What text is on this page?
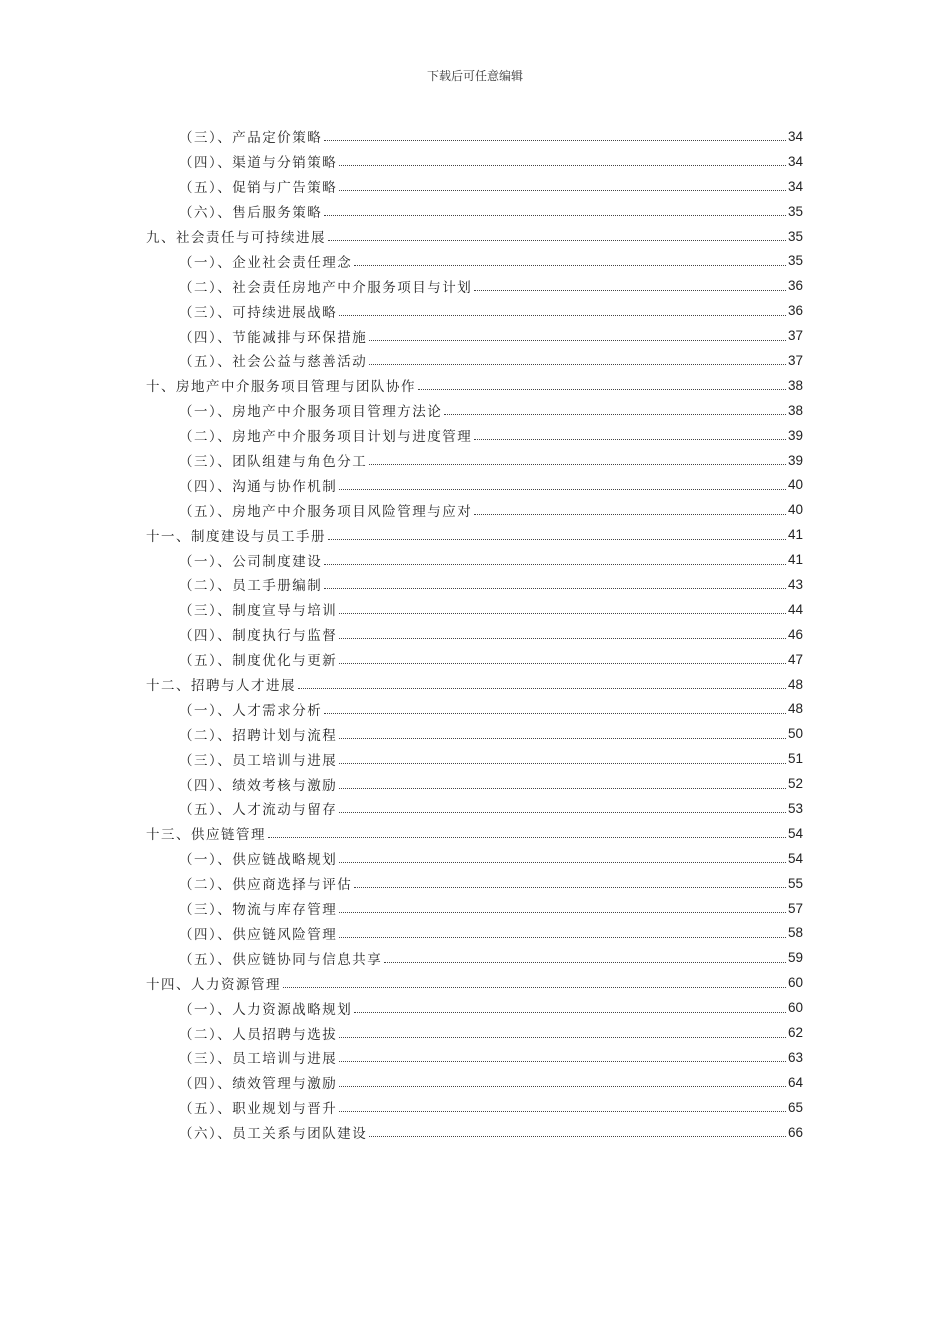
下载后可任意编辑
（三）、产品定价策略	34
（四）、渠道与分销策略	34
（五）、促销与广告策略	34
（六）、售后服务策略	35
九、社会责任与可持续进展	35
（一）、企业社会责任理念	35
（二）、社会责任房地产中介服务项目与计划	36
（三）、可持续进展战略	36
（四）、节能减排与环保措施	37
（五）、社会公益与慈善活动	37
十、房地产中介服务项目管理与团队协作	38
（一）、房地产中介服务项目管理方法论	38
（二）、房地产中介服务项目计划与进度管理	39
（三）、团队组建与角色分工	39
（四）、沟通与协作机制	40
（五）、房地产中介服务项目风险管理与应对	40
十一、制度建设与员工手册	41
（一）、公司制度建设	41
（二）、员工手册编制	43
（三）、制度宣导与培训	44
（四）、制度执行与监督	46
（五）、制度优化与更新	47
十二、招聘与人才进展	48
（一）、人才需求分析	48
（二）、招聘计划与流程	50
（三）、员工培训与进展	51
（四）、绩效考核与激励	52
（五）、人才流动与留存	53
十三、供应链管理	54
（一）、供应链战略规划	54
（二）、供应商选择与评估	55
（三）、物流与库存管理	57
（四）、供应链风险管理	58
（五）、供应链协同与信息共享	59
十四、人力资源管理	60
（一）、人力资源战略规划	60
（二）、人员招聘与选拔	62
（三）、员工培训与进展	63
（四）、绩效管理与激励	64
（五）、职业规划与晋升	65
（六）、员工关系与团队建设	66
